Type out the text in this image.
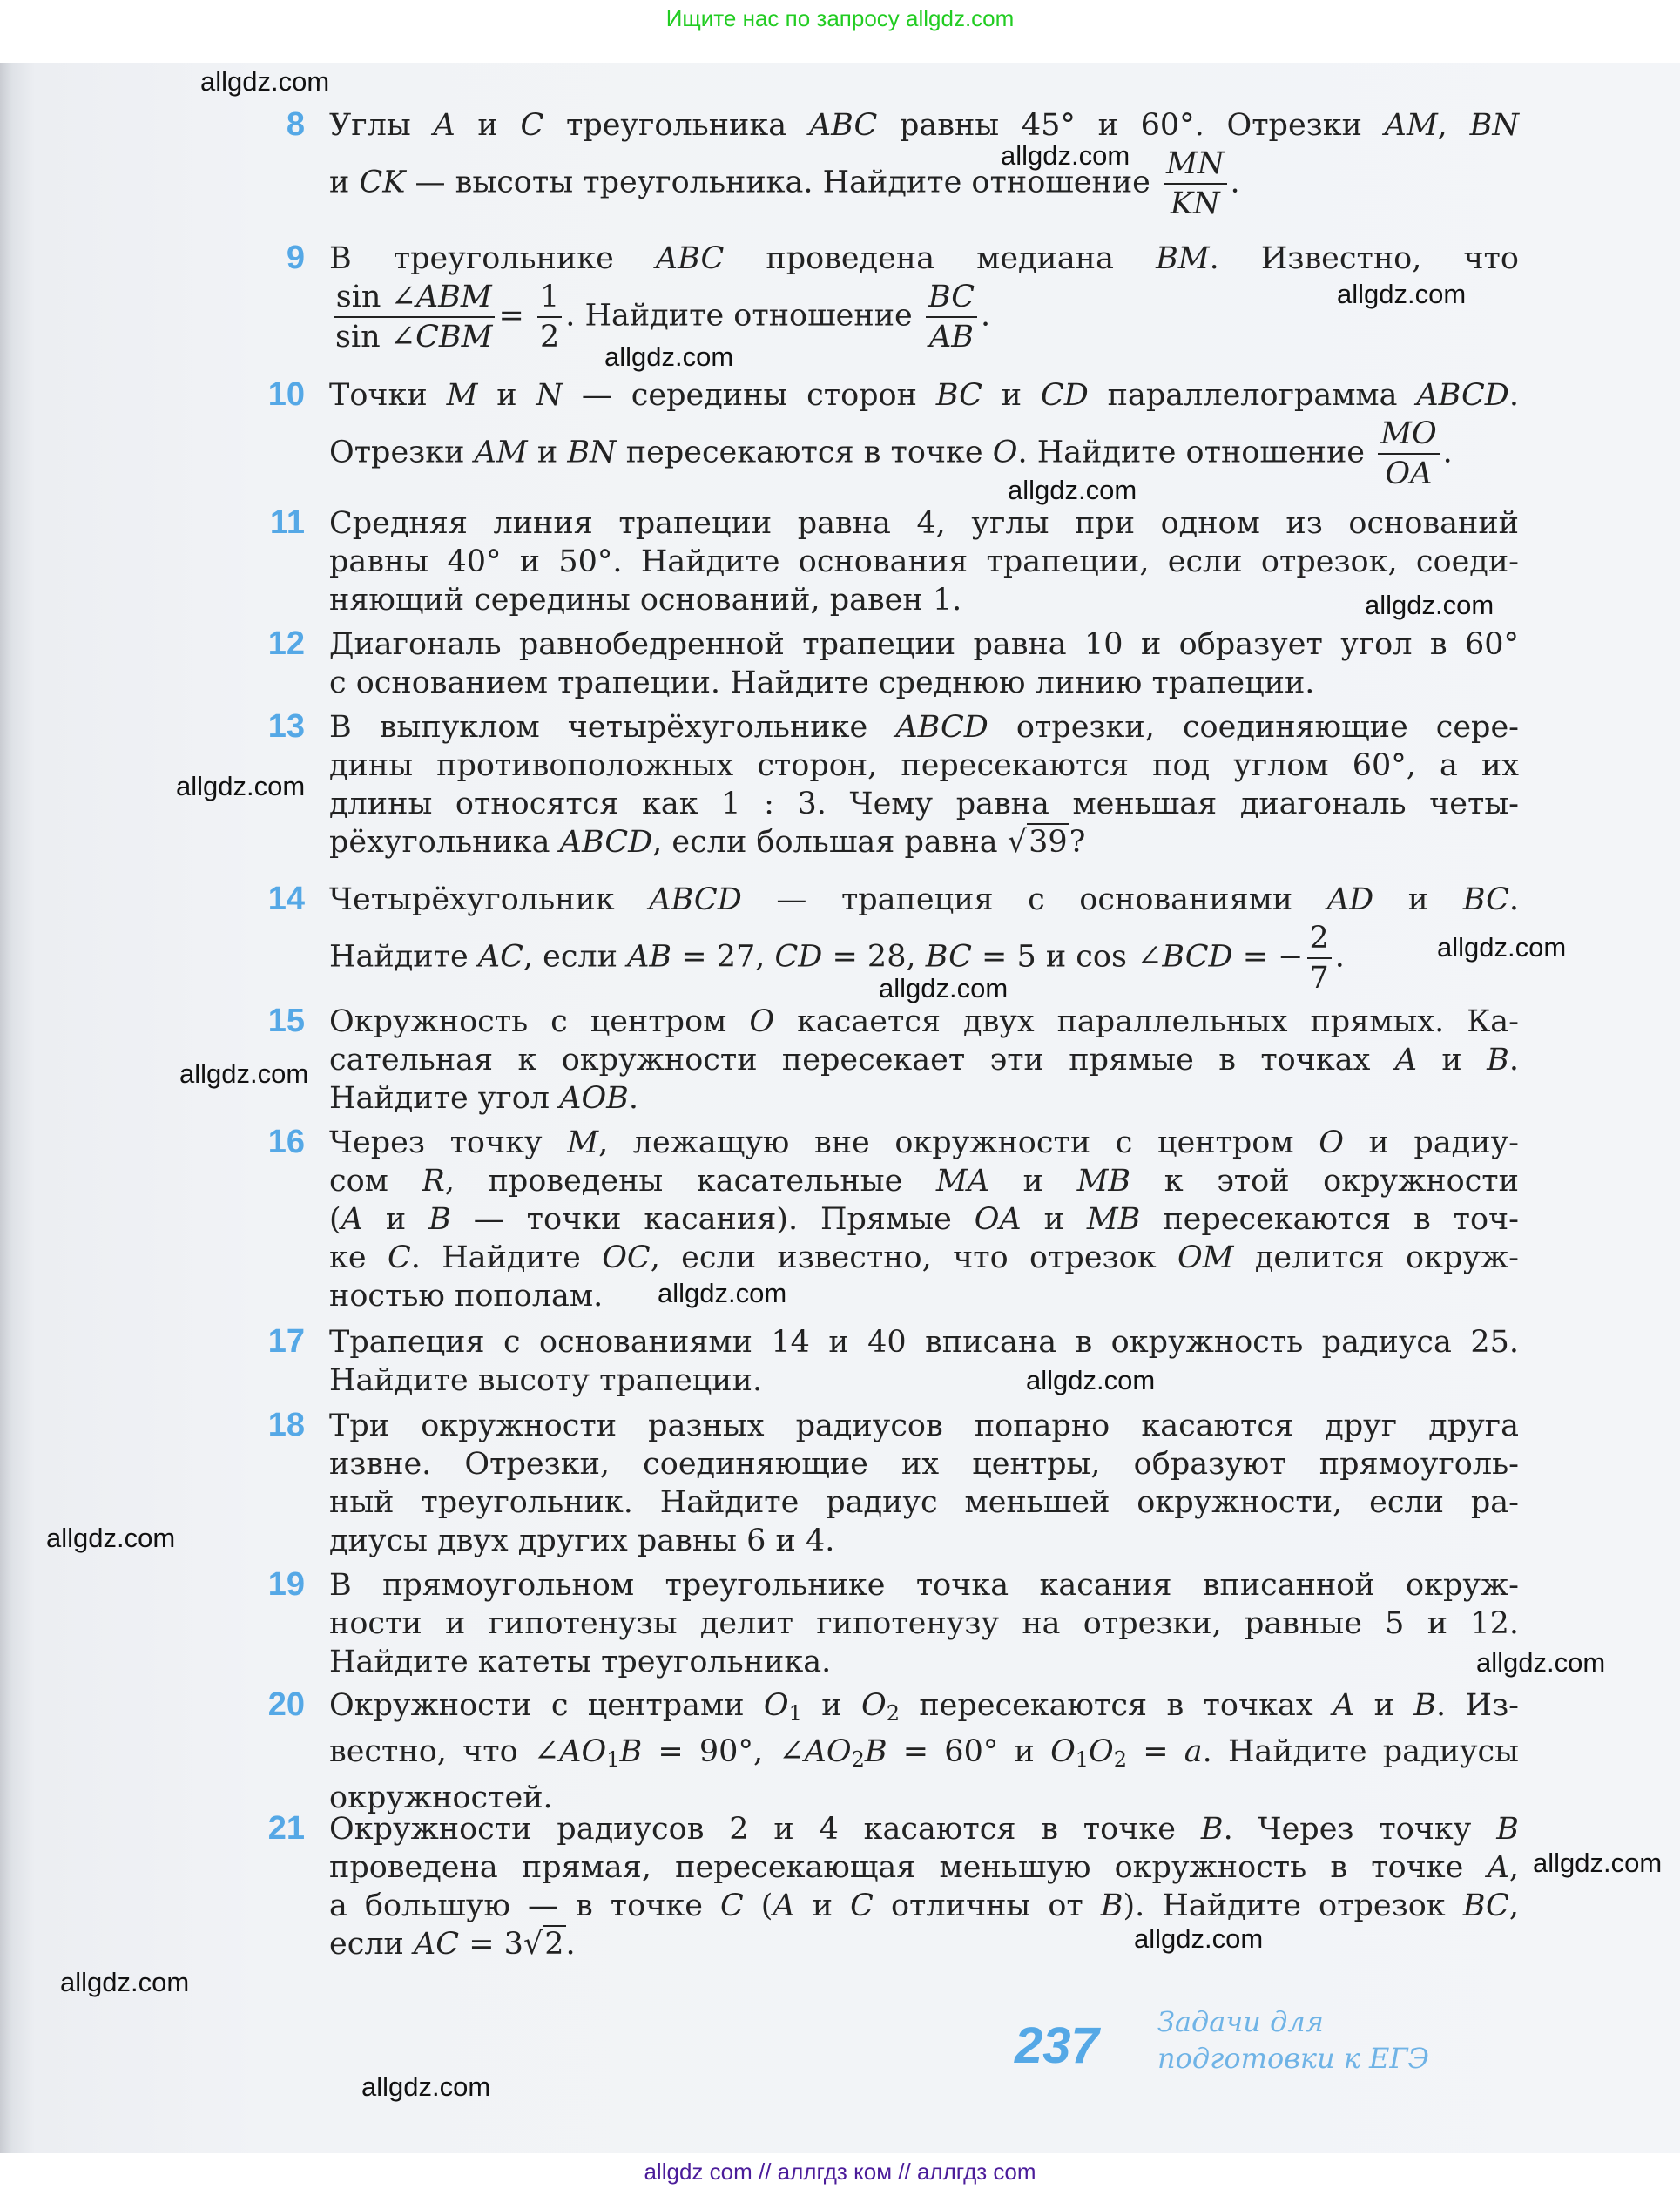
Ищите нас по запросу allgdz.com
8 Углы A и C треугольника ABC равны 45° и 60°. Отрезки AM, BN
и CK — высоты треугольника. Найдите отношение $\frac{MN}{KN}$ .
9 В треугольнике ABC проведена медиана BM. Известно, что
$\frac{\text{sin ∠ABM}}{\text{sin ∠CBM}} = \frac{1}{2}$ . Найдите отношение $\frac{BC}{AB}$ .
10 Точки M и N — середины сторон BC и CD параллелограмма ABCD.
Отрезки AM и BN пересекаются в точке O. Найдите отношение $\frac{MO}{OA}$ .
11 Средняя линия трапеции равна 4, углы при одном из оснований
равны 40° и 50°. Найдите основания трапеции, если отрезок, соеди-
няющий середины оснований, равен 1.
12 Диагональ равнобедренной трапеции равна 10 и образует угол в 60°
с основанием трапеции. Найдите среднюю линию трапеции.
13 В выпуклом четырёхугольнике ABCD отрезки, соединяющие сере-
дины противоположных сторон, пересекаются под углом 60°, а их
длины относятся как 1 : 3. Чему равна меньшая диагональ четы-
рёхугольника ABCD, если большая равна √39?
14 Четырёхугольник ABCD — трапеция с основаниями AD и BC.
Найдите AC, если AB = 27, CD = 28, BC = 5 и cos ∠BCD = − $\frac{2}{7}$ .
15 Окружность с центром O касается двух параллельных прямых. Ка-
сательная к окружности пересекает эти прямые в точках A и B.
Найдите угол AOB.
16 Через точку M, лежащую вне окружности с центром O и радиу-
сом R, проведены касательные MA и MB к этой окружности
(A и B — точки касания). Прямые OA и MB пересекаются в точ-
ке C. Найдите OC, если известно, что отрезок OM делится окруж-
ностью пополам.
17 Трапеция с основаниями 14 и 40 вписана в окружность радиуса 25.
Найдите высоту трапеции.
18 Три окружности разных радиусов попарно касаются друг друга
извне. Отрезки, соединяющие их центры, образуют прямоуголь-
ный треугольник. Найдите радиус меньшей окружности, если ра-
диусы двух других равны 6 и 4.
19 В прямоугольном треугольнике точка касания вписанной окруж-
ности и гипотенузы делит гипотенузу на отрезки, равные 5 и 12.
Найдите катеты треугольника.
20 Окружности с центрами $O_1$ и $O_2$ пересекаются в точках A и B. Из-
вестно, что $\angle AO_1B = 90^\circ$, $\angle AO_2B = 60^\circ$ и $O_1O_2 = a$. Найдите радиусы
окружностей.
21 Окружности радиусов 2 и 4 касаются в точке B. Через точку B
проведена прямая, пересекающая меньшую окружность в точке A,
а большую — в точке C (A и C отличны от B). Найдите отрезок BC,
если AC = 3√2.
allgdz.com
allgdz.com
allgdz.com
allgdz.com
allgdz.com
allgdz.com
allgdz.com
allgdz.com
allgdz.com
allgdz.com
allgdz.com
allgdz.com
allgdz.com
allgdz.com
allgdz.com
allgdz.com
allgdz.com
allgdz.com
237 Задачи для
подготовки к ЕГЭ
allgdz com // аллгдз ком // аллгдз com
